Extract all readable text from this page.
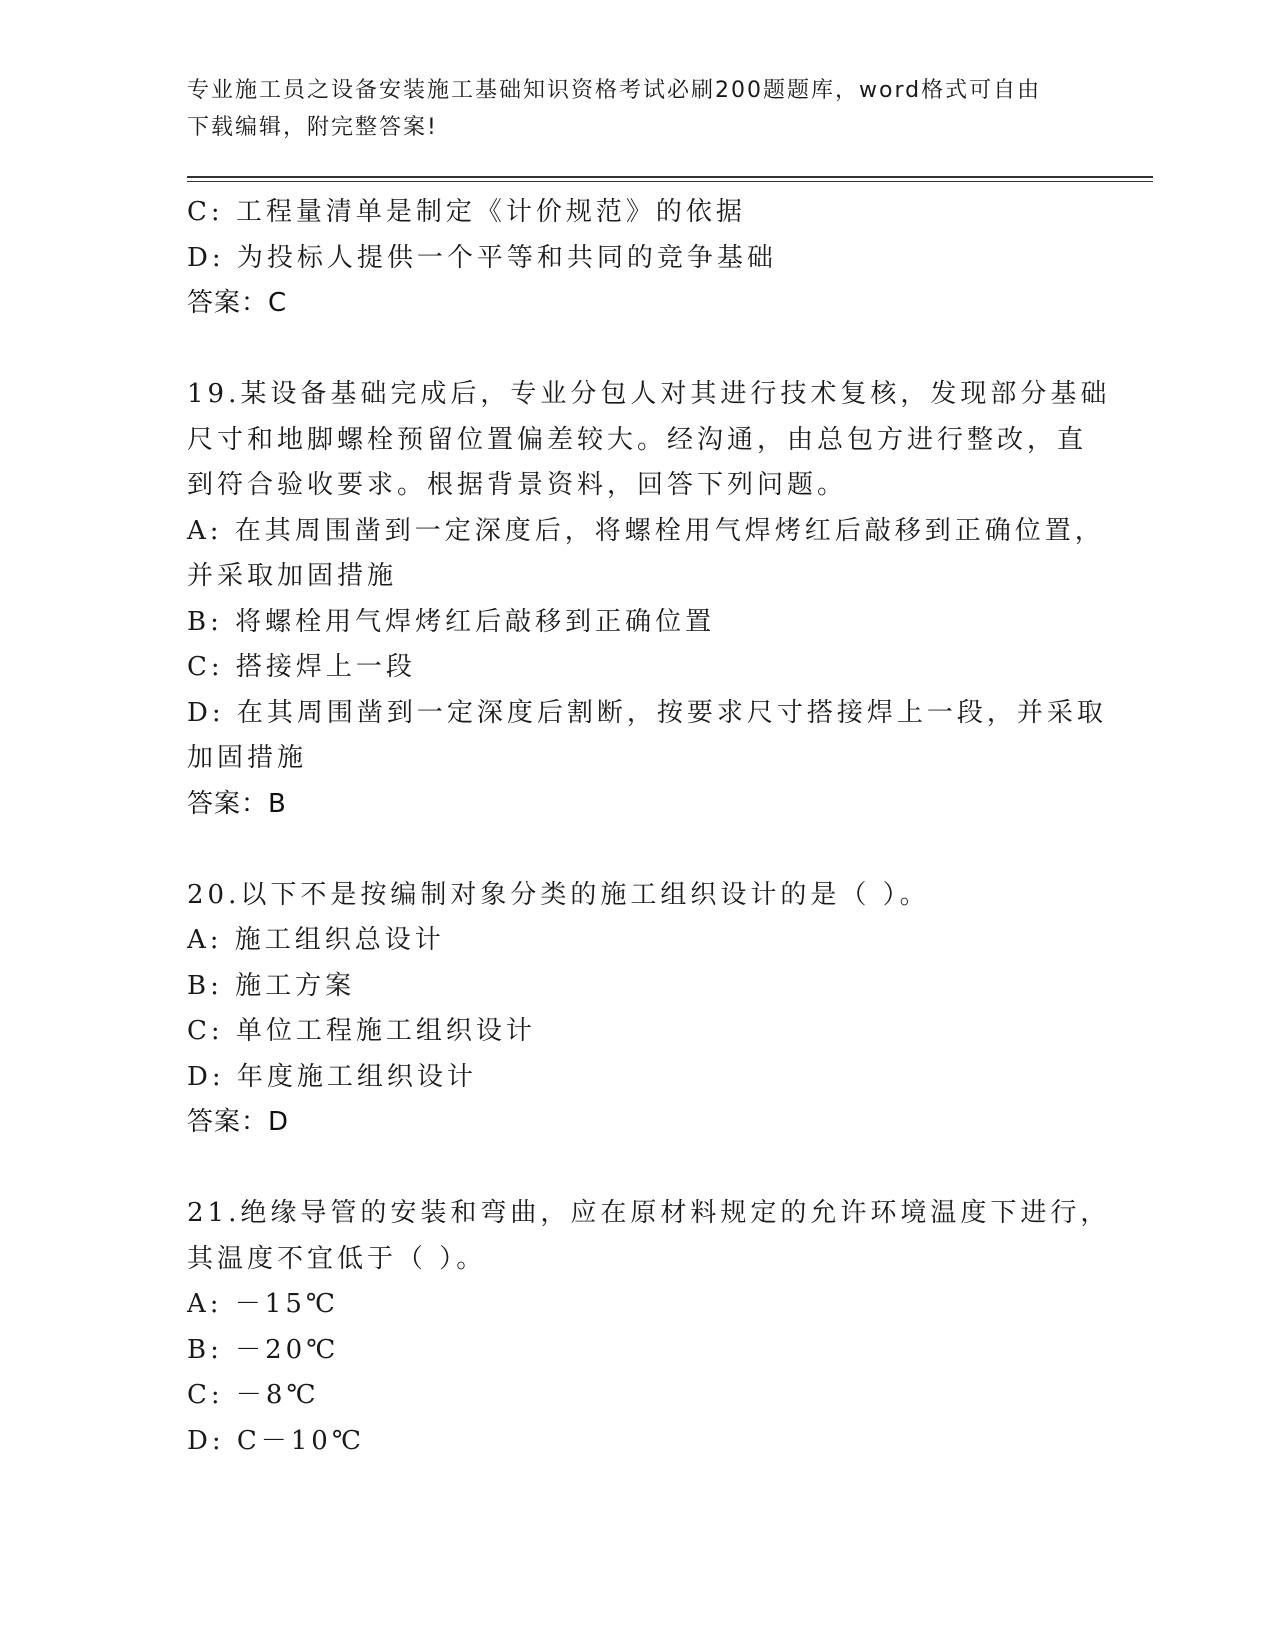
专业施工员之设备安装施工基础知识资格考试必刷200题题库，word格式可自由
下载编辑，附完整答案!
C: 工程量清单是制定《计价规范》的依据
D: 为投标人提供一个平等和共同的竞争基础
答案：C
19.某设备基础完成后，专业分包人对其进行技术复核，发现部分基础
尺寸和地脚螺栓预留位置偏差较大。经沟通，由总包方进行整改，直
到符合验收要求。根据背景资料，回答下列问题。
A: 在其周围凿到一定深度后，将螺栓用气焊烤红后敲移到正确位置，
并采取加固措施
B: 将螺栓用气焊烤红后敲移到正确位置
C: 搭接焊上一段
D: 在其周围凿到一定深度后割断，按要求尺寸搭接焊上一段，并采取
加固措施
答案：B
20.以下不是按编制对象分类的施工组织设计的是（ ）。
A: 施工组织总设计
B: 施工方案
C: 单位工程施工组织设计
D: 年度施工组织设计
答案：D
21.绝缘导管的安装和弯曲，应在原材料规定的允许环境温度下进行，
其温度不宜低于（ ）。
A: －15℃
B: －20℃
C: －8℃
D: C－10℃
